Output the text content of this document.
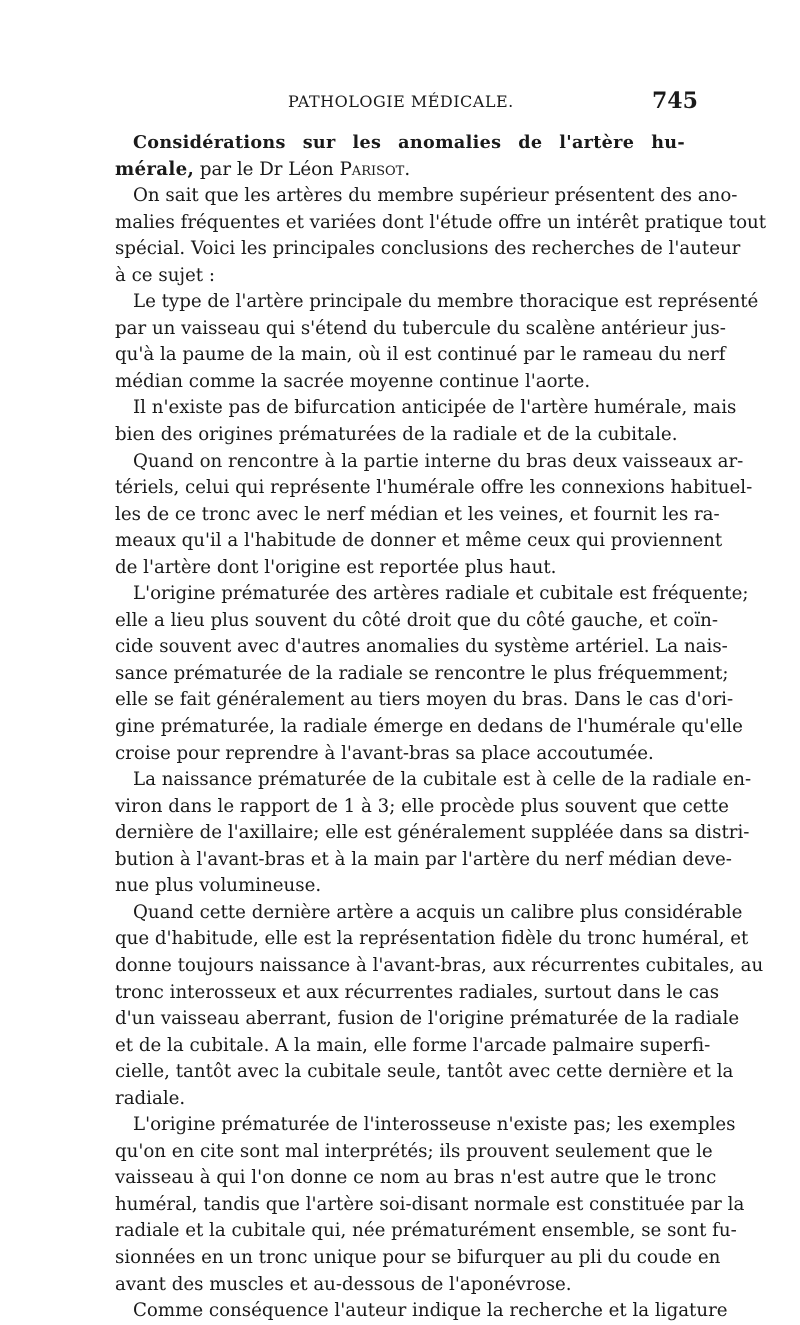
PATHOLOGIE MÉDICALE.	745
Considérations sur les anomalies de l'artère hu-
mérale, par le Dr Léon Parisot.
On sait que les artères du membre supérieur présentent des ano-
malies fréquentes et variées dont l'étude offre un intérêt pratique tout
spécial. Voici les principales conclusions des recherches de l'auteur
à ce sujet :
Le type de l'artère principale du membre thoracique est représenté
par un vaisseau qui s'étend du tubercule du scalène antérieur jus-
qu'à la paume de la main, où il est continué par le rameau du nerf
médian comme la sacrée moyenne continue l'aorte.
Il n'existe pas de bifurcation anticipée de l'artère humérale, mais
bien des origines prématurées de la radiale et de la cubitale.
Quand on rencontre à la partie interne du bras deux vaisseaux ar-
tériels, celui qui représente l'humérale offre les connexions habituel-
les de ce tronc avec le nerf médian et les veines, et fournit les ra-
meaux qu'il a l'habitude de donner et même ceux qui proviennent
de l'artère dont l'origine est reportée plus haut.
L'origine prématurée des artères radiale et cubitale est fréquente;
elle a lieu plus souvent du côté droit que du côté gauche, et coïn-
cide souvent avec d'autres anomalies du système artériel. La nais-
sance prématurée de la radiale se rencontre le plus fréquemment;
elle se fait généralement au tiers moyen du bras. Dans le cas d'ori-
gine prématurée, la radiale émerge en dedans de l'humérale qu'elle
croise pour reprendre à l'avant-bras sa place accoutumée.
La naissance prématurée de la cubitale est à celle de la radiale en-
viron dans le rapport de 1 à 3; elle procède plus souvent que cette
dernière de l'axillaire; elle est généralement suppléée dans sa distri-
bution à l'avant-bras et à la main par l'artère du nerf médian deve-
nue plus volumineuse.
Quand cette dernière artère a acquis un calibre plus considérable
que d'habitude, elle est la représentation fidèle du tronc huméral, et
donne toujours naissance à l'avant-bras, aux récurrentes cubitales, au
tronc interosseux et aux récurrentes radiales, surtout dans le cas
d'un vaisseau aberrant, fusion de l'origine prématurée de la radiale
et de la cubitale. A la main, elle forme l'arcade palmaire superfi-
cielle, tantôt avec la cubitale seule, tantôt avec cette dernière et la
radiale.
L'origine prématurée de l'interosseuse n'existe pas; les exemples
qu'on en cite sont mal interprétés; ils prouvent seulement que le
vaisseau à qui l'on donne ce nom au bras n'est autre que le tronc
huméral, tandis que l'artère soi-disant normale est constituée par la
radiale et la cubitale qui, née prématurément ensemble, se sont fu-
sionnées en un tronc unique pour se bifurquer au pli du coude en
avant des muscles et au-dessous de l'aponévrose.
Comme conséquence l'auteur indique la recherche et la ligature
